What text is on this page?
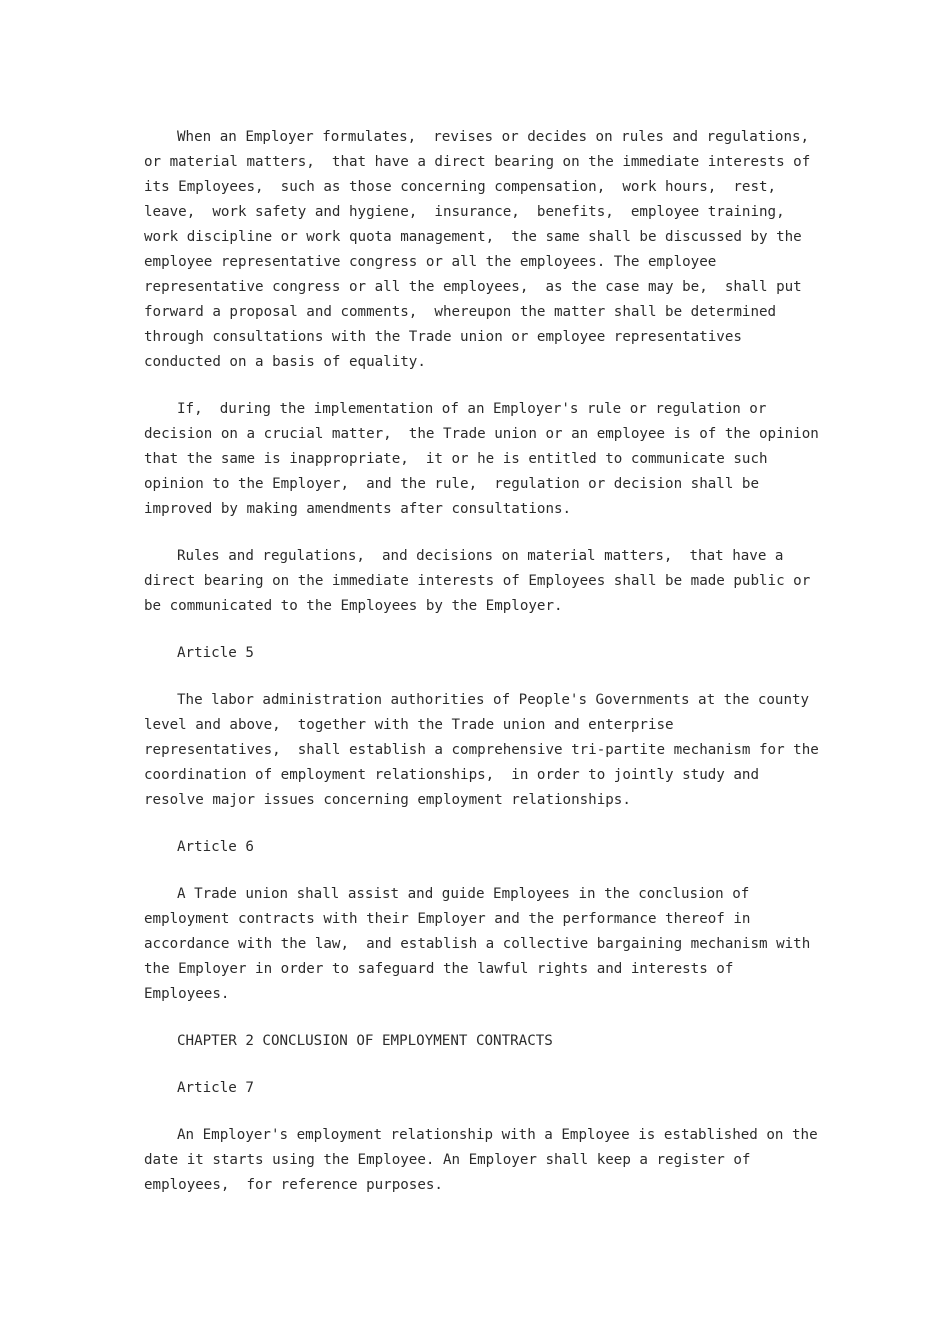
When an Employer formulates,  revises or decides on rules and regulations,
or material matters,  that have a direct bearing on the immediate interests of
its Employees,  such as those concerning compensation,  work hours,  rest,
leave,  work safety and hygiene,  insurance,  benefits,  employee training,
work discipline or work quota management,  the same shall be discussed by the
employee representative congress or all the employees. The employee
representative congress or all the employees,  as the case may be,  shall put
forward a proposal and comments,  whereupon the matter shall be determined
through consultations with the Trade union or employee representatives
conducted on a basis of equality.
If,  during the implementation of an Employer's rule or regulation or
decision on a crucial matter,  the Trade union or an employee is of the opinion
that the same is inappropriate,  it or he is entitled to communicate such
opinion to the Employer,  and the rule,  regulation or decision shall be
improved by making amendments after consultations.
Rules and regulations,  and decisions on material matters,  that have a
direct bearing on the immediate interests of Employees shall be made public or
be communicated to the Employees by the Employer.
Article 5
The labor administration authorities of People's Governments at the county
level and above,  together with the Trade union and enterprise
representatives,  shall establish a comprehensive tri-partite mechanism for the
coordination of employment relationships,  in order to jointly study and
resolve major issues concerning employment relationships.
Article 6
A Trade union shall assist and guide Employees in the conclusion of
employment contracts with their Employer and the performance thereof in
accordance with the law,  and establish a collective bargaining mechanism with
the Employer in order to safeguard the lawful rights and interests of
Employees.
CHAPTER 2 CONCLUSION OF EMPLOYMENT CONTRACTS
Article 7
An Employer's employment relationship with a Employee is established on the
date it starts using the Employee. An Employer shall keep a register of
employees,  for reference purposes.
